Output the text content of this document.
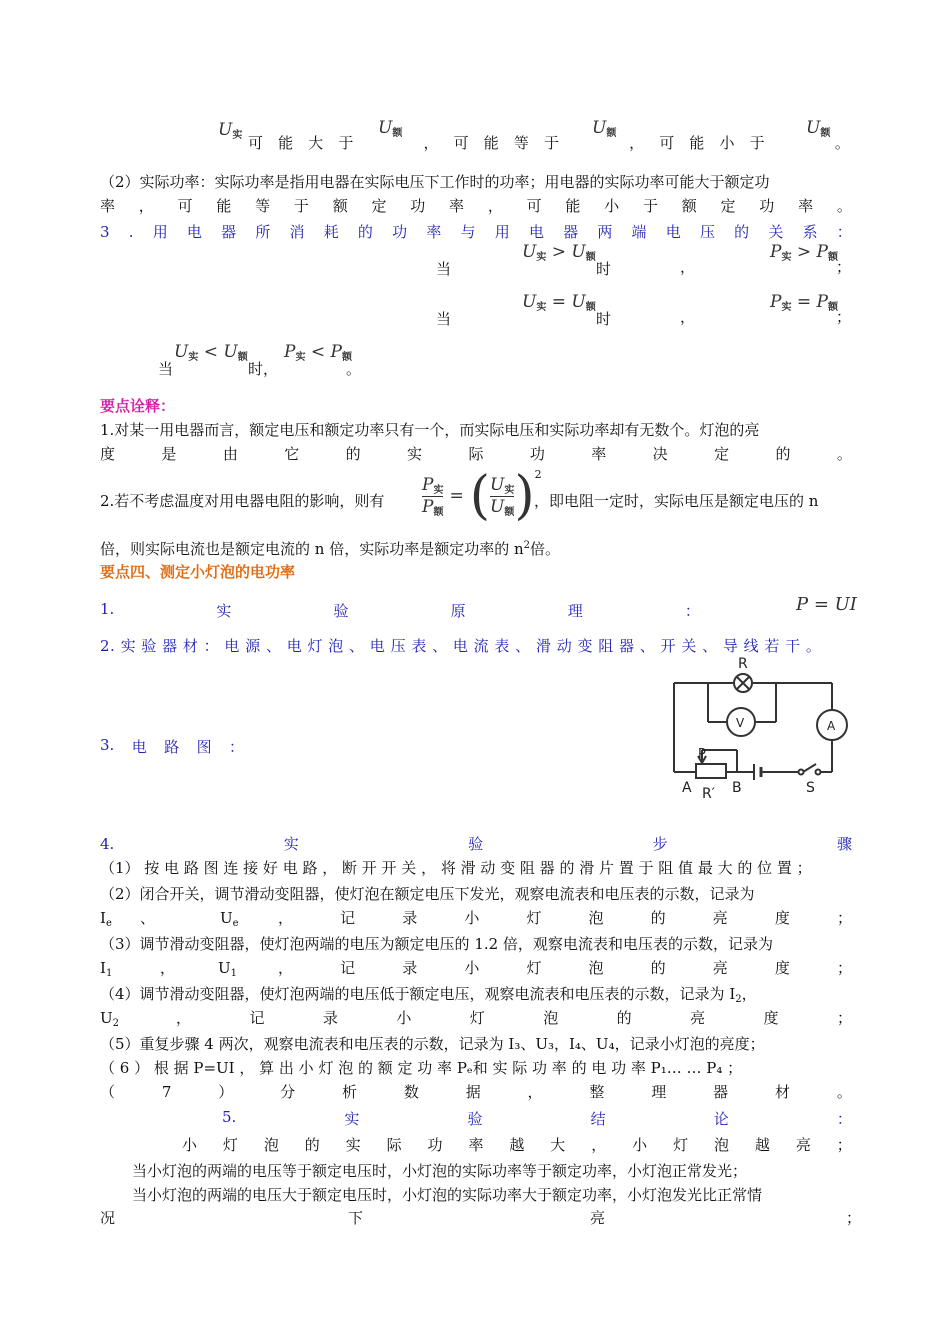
$U_实$ 可 能 大 于	， 可 能 等 于	， 可 能 小 于	。
$U_额$	$U_额$	$U_额$
（2）实际功率：实际功率是指用电器在实际电压下工作时的功率；用电器的实际功率可能大于额定功
率 ， 可 能 等 于 额 定 功 率 ， 可 能 小 于 额 定 功 率 。
3 . 用 电 器 所 消 耗 的 功 率 与 用 电 器 两 端 电 压 的 关 系 ：
当
$U_实 > U_额$
时	，
$P_实 > P_额$
；
当
$U_实 = U_额$
时	，
$P_实 = P_额$
；
当
$U_实 < U_额$
时，
$P_实 < P_额$
。
要点诠释：
1.对某一用电器而言，额定电压和额定功率只有一个，而实际电压和实际功率却有无数个。灯泡的亮
度	是	由	它	的	实	际	功	率	决	定	的	。
2.若不考虑温度对用电器电阻的影响，则有 $\frac{P_实}{P_额}$ = ( $\frac{U_实}{U_额}$ ) 2
，即电阻一定时，实际电压是额定电压的 n
倍，则实际电流也是额定电流的 n 倍，实际功率是额定功率的 $n^2$倍。
要点四、测定小灯泡的电功率
1.	实	验	原	理	：	P = UI
2. 实 验 器 材 ： 电 源 、 电 灯 泡 、 电 压 表 、 电 流 表 、 滑 动 变 阻 器 、 开 关 、 导 线 若 干 。
3. 电 路 图 ：
R
V	A
P
A R′ B	S
4.	实	验	步	骤
（1） 按 电 路 图 连 接 好 电 路 ， 断 开 开 关 ， 将 滑 动 变 阻 器 的 滑 片 置 于 阻 值 最 大 的 位 置 ；
（2）闭合开关，调节滑动变阻器，使灯泡在额定电压下发光，观察电流表和电压表的示数，记录为
$I_e$ 、	$U_e$	，	记	录	小	灯	泡	的	亮	度	；
（3）调节滑动变阻器，使灯泡两端的电压为额定电压的 1.2 倍，观察电流表和电压表的示数，记录为
$I_1$	，	$U_1$	，	记	录	小	灯	泡	的	亮	度	；
（4）调节滑动变阻器，使灯泡两端的电压低于额定电压，观察电流表和电压表的示数，记录为 $I_2$，
$U_2$	，	记	录	小	灯	泡	的	亮	度	；
（5）重复步骤 4 两次，观察电流表和电压表的示数，记录为 I₃、U₃，I₄、U₄，记录小灯泡的亮度；
（ 6 ） 根 据 P=UI ， 算 出 小 灯 泡 的 额 定 功 率 Pₑ和 实 际 功 率 的 电 功 率 P₁… … P₄ ；
（	7	）	分	析	数	据	，	整	理	器	材	。
5.	实	验	结	论	：
小 灯 泡 的 实 际 功 率 越 大 ， 小 灯 泡 越 亮 ；
当小灯泡的两端的电压等于额定电压时，小灯泡的实际功率等于额定功率，小灯泡正常发光；
当小灯泡的两端的电压大于额定电压时，小灯泡的实际功率大于额定功率，小灯泡发光比正常情
况	下	亮	；
